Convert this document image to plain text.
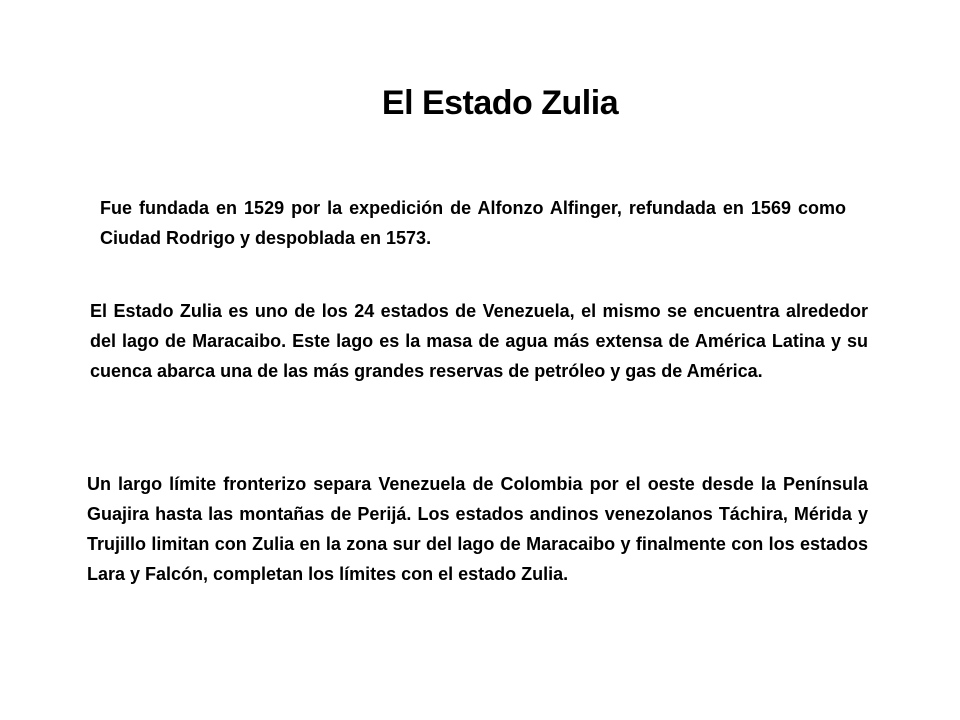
El Estado Zulia

Fue fundada en 1529 por la expedición de Alfonzo Alfinger, refundada en 1569 como Ciudad Rodrigo y despoblada en 1573.

El Estado Zulia es uno de los 24 estados de Venezuela, el mismo se encuentra alrededor del lago de Maracaibo. Este lago es la masa de agua más extensa de América Latina y su cuenca abarca una de las más grandes reservas de petróleo y gas de América.

Un largo límite fronterizo separa Venezuela de Colombia por el oeste desde la Península Guajira hasta las montañas de Perijá. Los estados andinos venezolanos Táchira, Mérida y Trujillo limitan con Zulia en la zona sur del lago de Maracaibo y finalmente con los estados Lara y Falcón, completan los límites con el estado Zulia.
